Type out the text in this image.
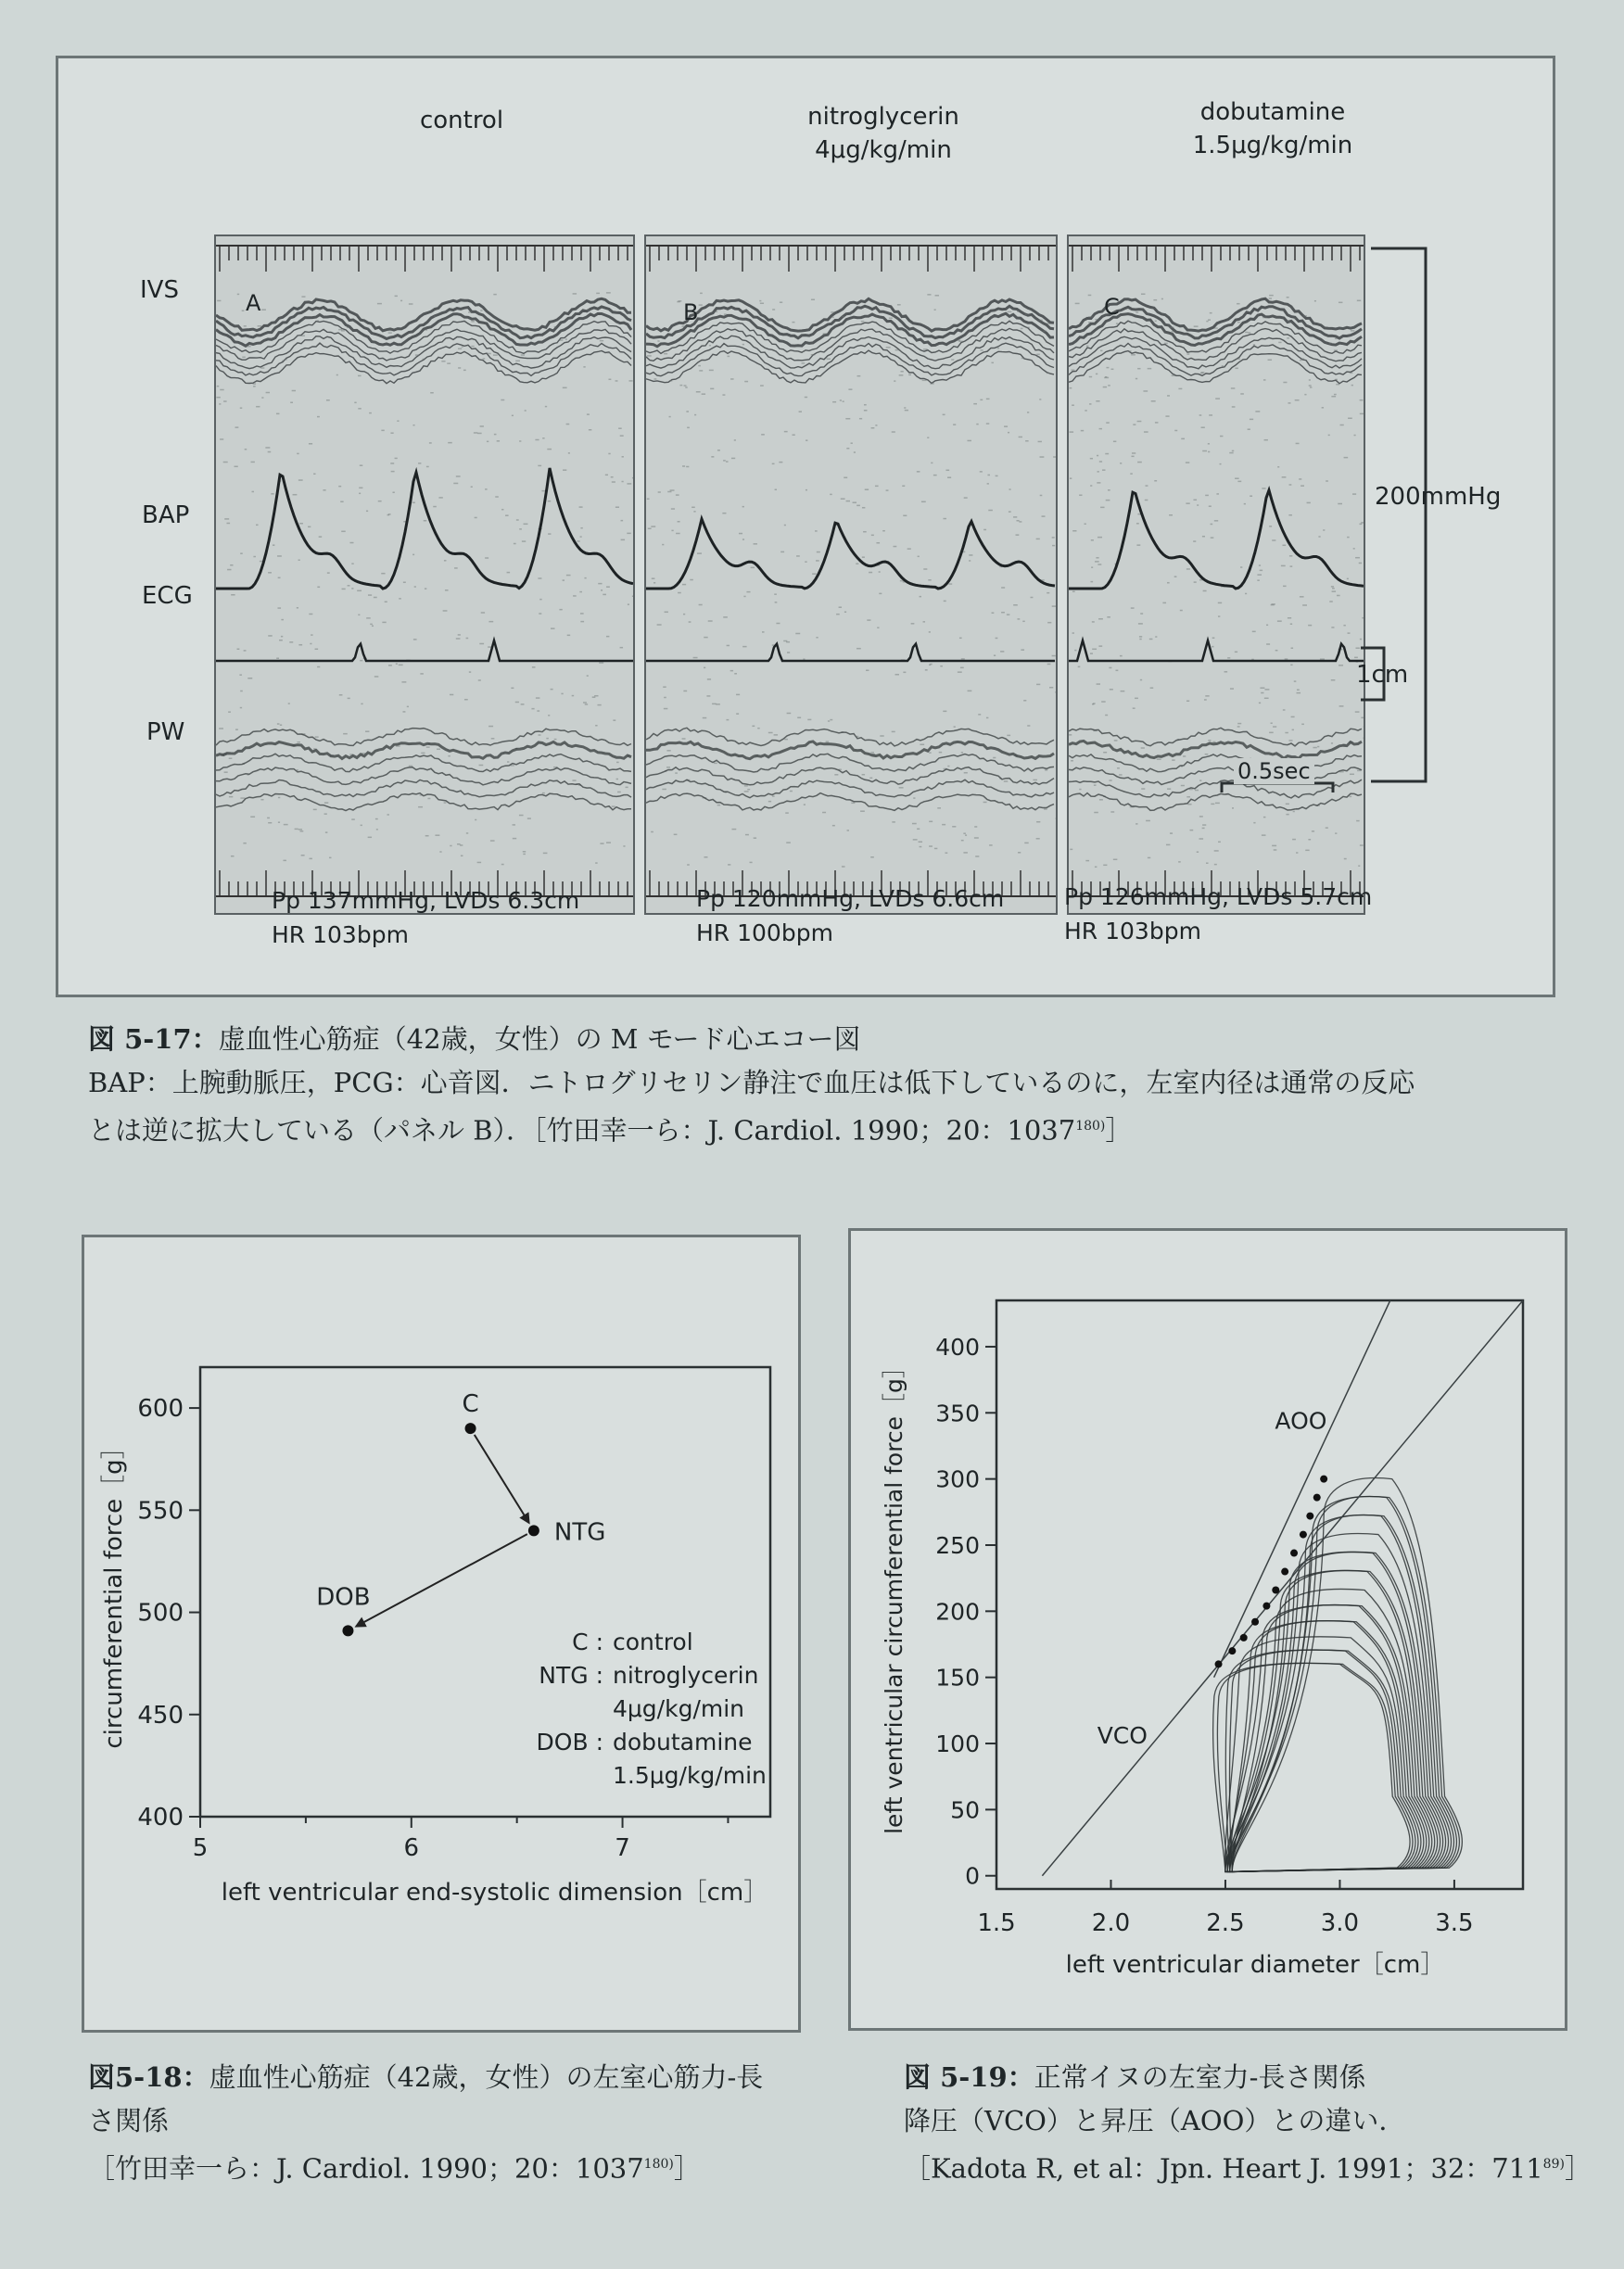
control	nitroglycerin
4μg/kg/min
dobutamine
1.5μg/kg/min
IVS
BAP
ECG
PW
A	B	C
200mmHg
1cm
0.5sec
Pp 137mmHg, LVDs 6.3cm
HR 103bpm
Pp 120mmHg, LVDs 6.6cm
HR 100bpm
Pp 126mmHg, LVDs 5.7cm
HR 103bpm
図 5-17：虚血性心筋症（42歳，女性）の M モード心エコー図
BAP：上腕動脈圧，PCG：心音図．ニトログリセリン静注で血圧は低下しているのに，左室内径は通常の反応
とは逆に拡大している（パネル B）．［竹田幸一ら：J. Cardiol. 1990；20：1037$^{180)}$］
5	6	7
400
450
500
550
600
left ventricular end-systolic dimension［cm］
circumferential force［g］
C
NTG
DOB
C : control
NTG : nitroglycerin
4μg/kg/min
DOB : dobutamine
1.5μg/kg/min
図5-18：虚血性心筋症（42歳，女性）の左室心筋力-長
さ関係
［竹田幸一ら：J. Cardiol. 1990；20：1037$^{180)}$］
1.5	2.0	2.5	3.0	3.5
0
50
100
150
200
250
300
350
400
left ventricular diameter［cm］
left ventricular circumferential force［g］	VCO
AOO
図 5-19：正常イヌの左室力-長さ関係
降圧（VCO）と昇圧（AOO）との違い．
［Kadota R, et al：Jpn. Heart J. 1991；32：711$^{89)}$］
